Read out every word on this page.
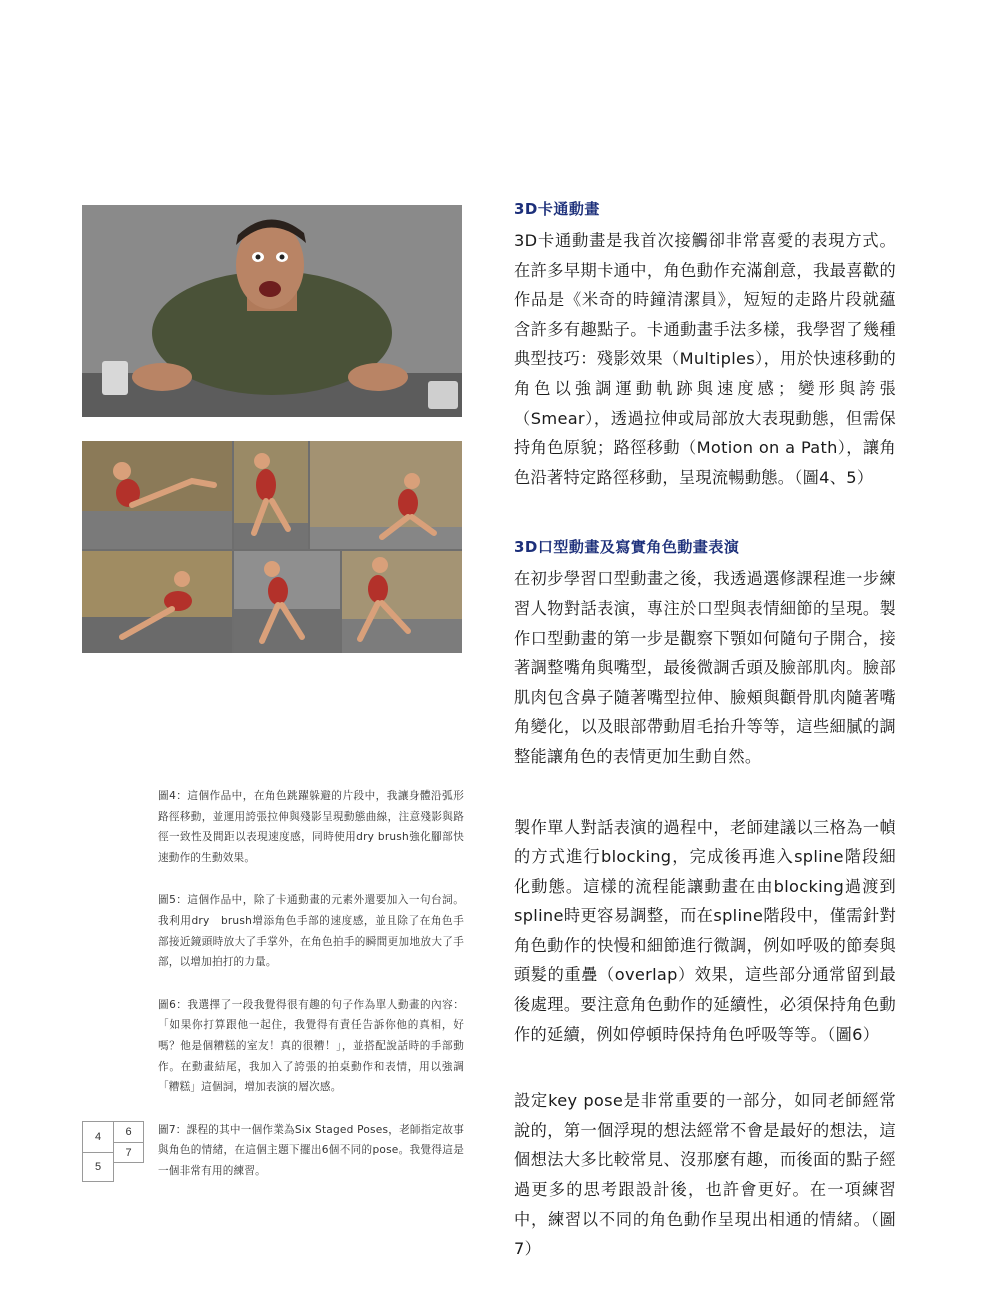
3D卡通動畫

3D卡通動畫是我首次接觸卻非常喜愛的表現方式。在許多早期卡通中，角色動作充滿創意，我最喜歡的作品是《米奇的時鐘清潔員》，短短的走路片段就蘊含許多有趣點子。卡通動畫手法多樣，我學習了幾種典型技巧：殘影效果（Multiples），用於快速移動的角色以強調運動軌跡與速度感；變形與誇張（Smear），透過拉伸或局部放大表現動態，但需保持角色原貌；路徑移動（Motion on a Path），讓角色沿著特定路徑移動，呈現流暢動態。（圖4、5）

3D口型動畫及寫實角色動畫表演

在初步學習口型動畫之後，我透過選修課程進一步練習人物對話表演，專注於口型與表情細節的呈現。製作口型動畫的第一步是觀察下顎如何隨句子開合，接著調整嘴角與嘴型，最後微調舌頭及臉部肌肉。臉部肌肉包含鼻子隨著嘴型拉伸、臉頰與顴骨肌肉隨著嘴角變化，以及眼部帶動眉毛抬升等等，這些細膩的調整能讓角色的表情更加生動自然。

製作單人對話表演的過程中，老師建議以三格為一幀的方式進行blocking，完成後再進入spline階段細化動態。這樣的流程能讓動畫在由blocking過渡到spline時更容易調整，而在spline階段中，僅需針對角色動作的快慢和細節進行微調，例如呼吸的節奏與頭髮的重疊（overlap）效果，這些部分通常留到最後處理。要注意角色動作的延續性，必須保持角色動作的延續，例如停頓時保持角色呼吸等等。（圖6）

設定key pose是非常重要的一部分，如同老師經常說的，第一個浮現的想法經常不會是最好的想法，這個想法大多比較常見、沒那麼有趣，而後面的點子經過更多的思考跟設計後，也許會更好。在一項練習中，練習以不同的角色動作呈現出相通的情緒。（圖7）

圖4：這個作品中，在角色跳躍躲避的片段中，我讓身體沿弧形路徑移動，並運用誇張拉伸與殘影呈現動態曲線，注意殘影與路徑一致性及間距以表現速度感，同時使用dry brush強化腳部快速動作的生動效果。

圖5：這個作品中，除了卡通動畫的元素外還要加入一句台詞。我利用dry　brush增添角色手部的速度感，並且除了在角色手部接近鏡頭時放大了手掌外，在角色拍手的瞬間更加地放大了手部，以增加拍打的力量。

圖6：我選擇了一段我覺得很有趣的句子作為單人動畫的內容：「如果你打算跟他一起住，我覺得有責任告訴你他的真相，好嗎？他是個糟糕的室友！真的很糟！」，並搭配說話時的手部動作。在動畫結尾，我加入了誇張的拍桌動作和表情，用以強調「糟糕」這個詞，增加表演的層次感。

圖7：課程的其中一個作業為Six Staged Poses，老師指定故事與角色的情緒，在這個主題下擺出6個不同的pose。我覺得這是一個非常有用的練習。

4
5
6
7
